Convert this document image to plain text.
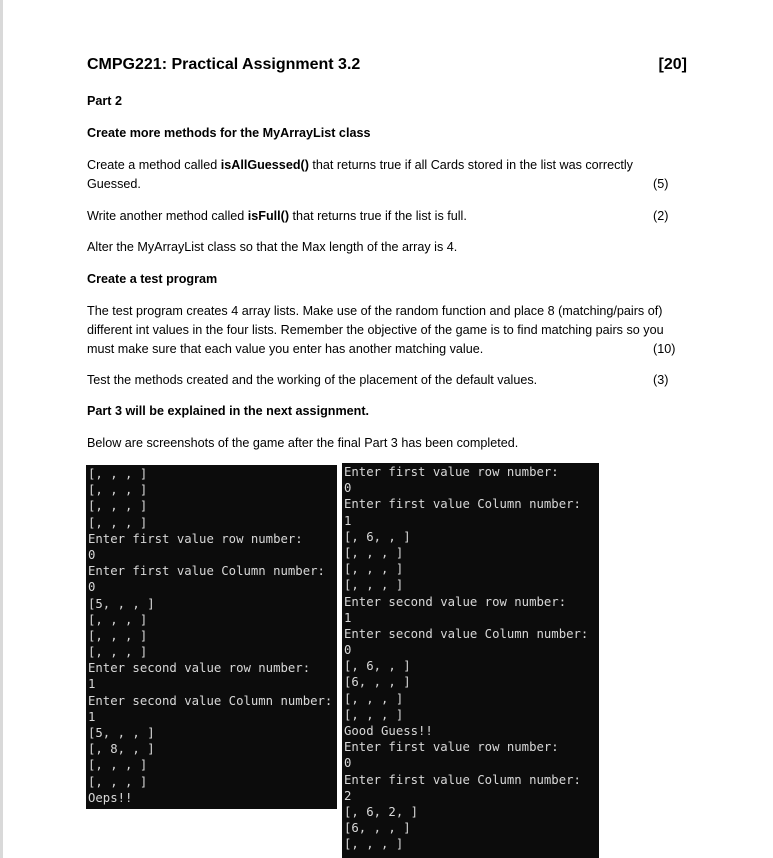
CMPG221: Practical Assignment 3.2	[20]
Part 2
Create more methods for the MyArrayList class
Create a method called isAllGuessed() that returns true if all Cards stored in the list was correctly
Guessed.	(5)
Write another method called isFull() that returns true if the list is full.	(2)
Alter the MyArrayList class so that the Max length of the array is 4.
Create a test program
The test program creates 4 array lists. Make use of the random function and place 8 (matching/pairs of)
different int values in the four lists. Remember the objective of the game is to find matching pairs so you
must make sure that each value you enter has another matching value.	(10)
Test the methods created and the working of the placement of the default values.	(3)
Part 3 will be explained in the next assignment.
Below are screenshots of the game after the final Part 3 has been completed.
[, , , ]
[, , , ]
[, , , ]
[, , , ]
Enter first value row number:
0
Enter first value Column number:
0
[5, , , ]
[, , , ]
[, , , ]
[, , , ]
Enter second value row number:
1
Enter second value Column number:
1
[5, , , ]
[, 8, , ]
[, , , ]
[, , , ]
Oeps!!
Enter first value row number:
0
Enter first value Column number:
1
[, 6, , ]
[, , , ]
[, , , ]
[, , , ]
Enter second value row number:
1
Enter second value Column number:
0
[, 6, , ]
[6, , , ]
[, , , ]
[, , , ]
Good Guess!!
Enter first value row number:
0
Enter first value Column number:
2
[, 6, 2, ]
[6, , , ]
[, , , ]
